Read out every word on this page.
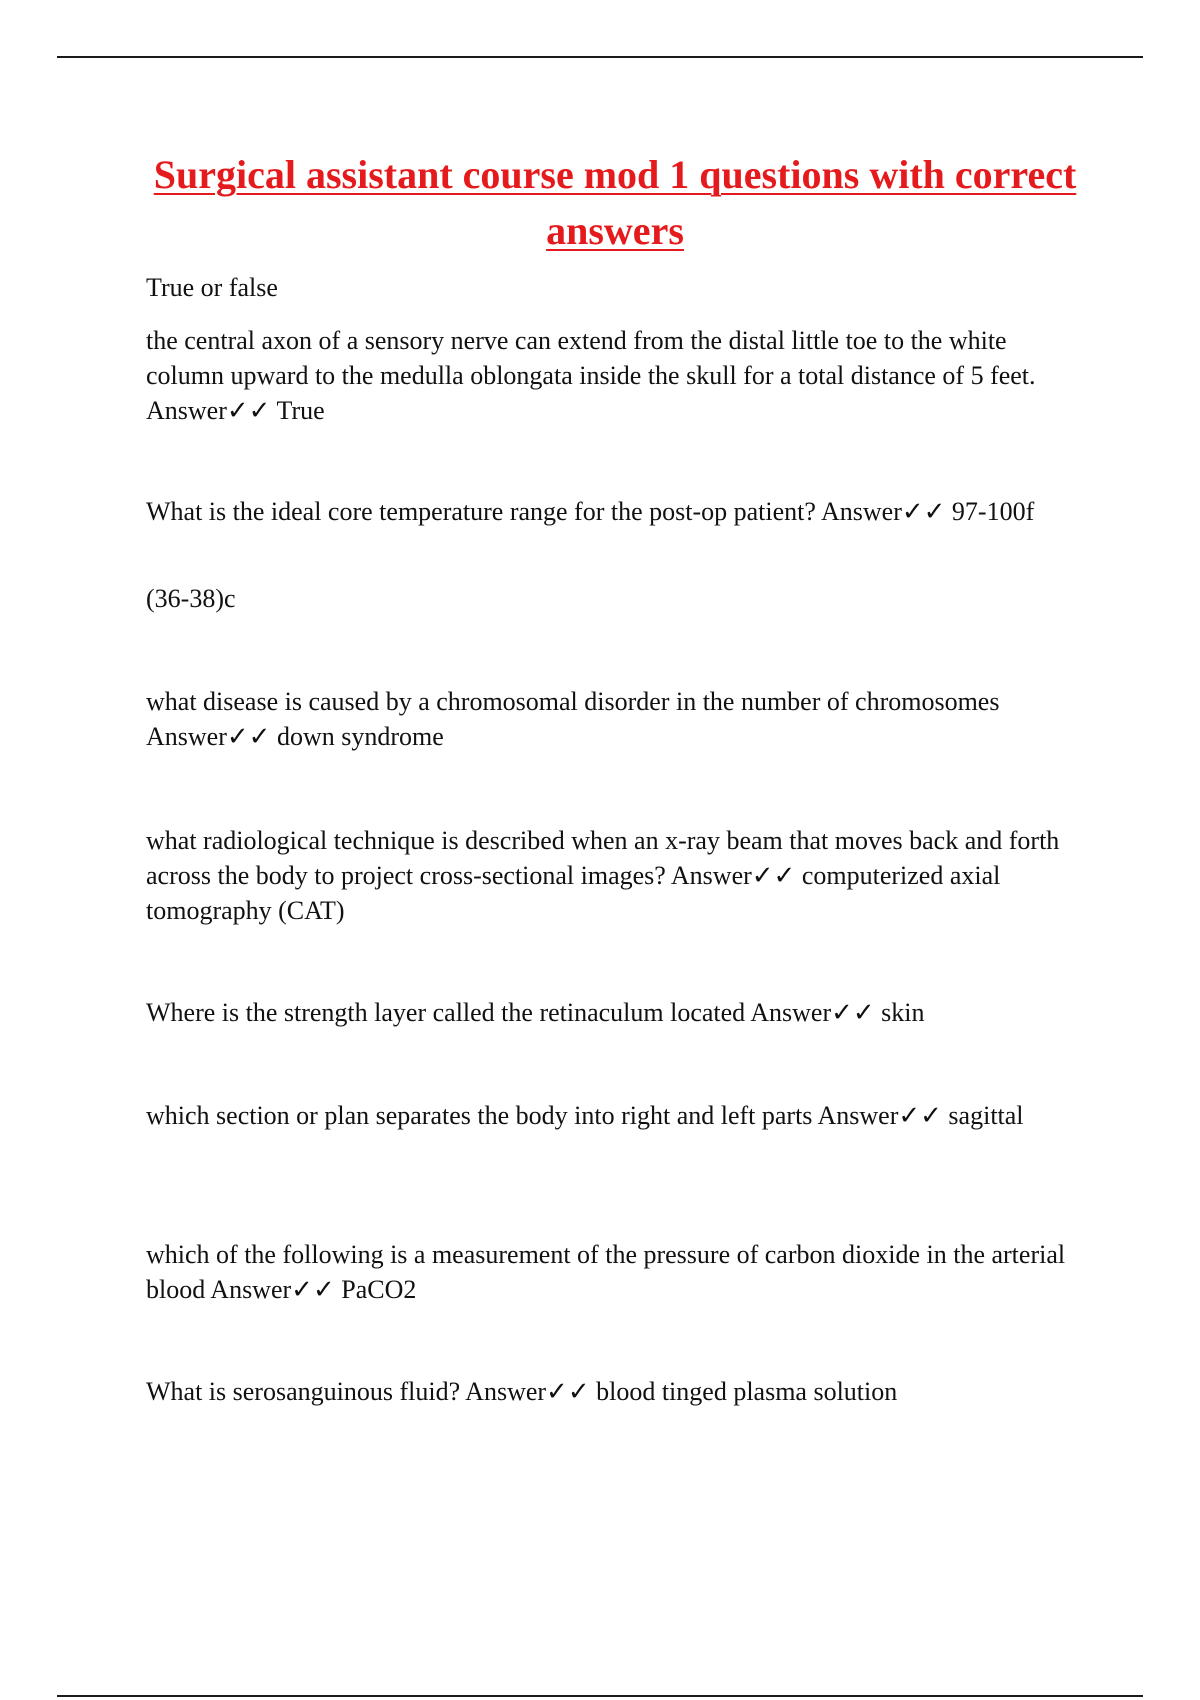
Surgical assistant course mod 1 questions with correct answers

True or false

the central axon of a sensory nerve can extend from the distal little toe to the white column upward to the medulla oblongata inside the skull for a total distance of 5 feet. Answer✓✓ True

What is the ideal core temperature range for the post-op patient? Answer✓✓ 97-100f

(36-38)c

what disease is caused by a chromosomal disorder in the number of chromosomes Answer✓✓ down syndrome

what radiological technique is described when an x-ray beam that moves back and forth across the body to project cross-sectional images? Answer✓✓ computerized axial tomography (CAT)

Where is the strength layer called the retinaculum located Answer✓✓ skin

which section or plan separates the body into right and left parts Answer✓✓ sagittal

which of the following is a measurement of the pressure of carbon dioxide in the arterial blood Answer✓✓ PaCO2

What is serosanguinous fluid? Answer✓✓ blood tinged plasma solution
